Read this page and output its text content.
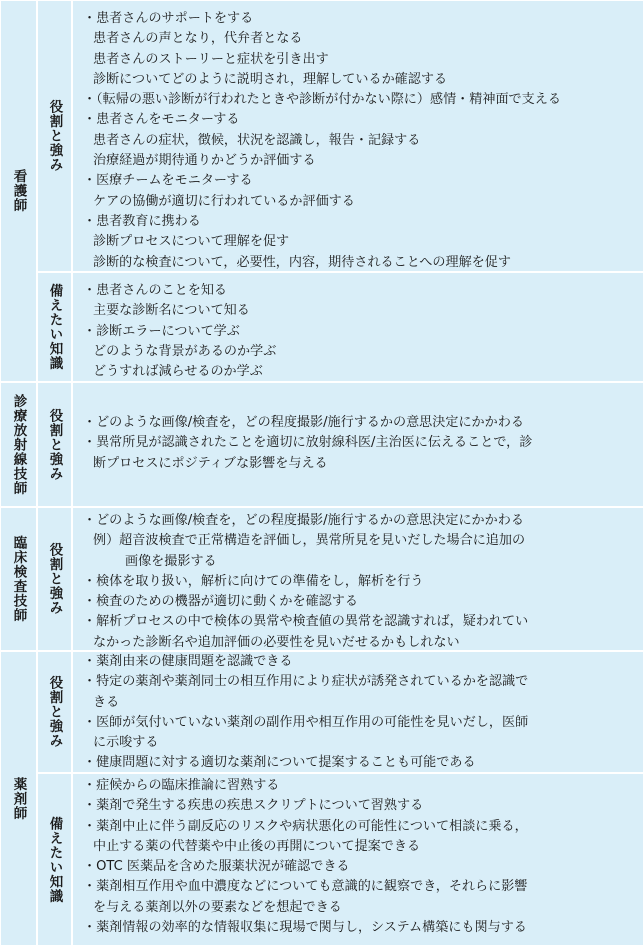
看護師
役割と強み
・患者さんのサポートをする
患者さんの声となり，代弁者となる
患者さんのストーリーと症状を引き出す
診断についてどのように説明され，理解しているか確認する
・（転帰の悪い診断が行われたときや診断が付かない際に）感情・精神面で支える
・患者さんをモニターする
患者さんの症状，徴候，状況を認識し，報告・記録する
治療経過が期待通りかどうか評価する
・医療チームをモニターする
ケアの協働が適切に行われているか評価する
・患者教育に携わる
診断プロセスについて理解を促す
診断的な検査について，必要性，内容，期待されることへの理解を促す
備えたい知識	・患者さんのことを知る
主要な診断名について知る
・診断エラーについて学ぶ
どのような背景があるのか学ぶ
どうすれば減らせるのか学ぶ
診療放射線技師 役割と強み	・どのような画像/検査を，どの程度撮影/施行するかの意思決定にかかわる
・異常所見が認識されたことを適切に放射線科医/主治医に伝えることで，診
断プロセスにポジティブな影響を与える
臨床検査技師 役割と強み
・どのような画像/検査を，どの程度撮影/施行するかの意思決定にかかわる
例）超音波検査で正常構造を評価し，異常所見を見いだした場合に追加の
画像を撮影する
・検体を取り扱い，解析に向けての準備をし，解析を行う
・検査のための機器が適切に動くかを確認する
・解析プロセスの中で検体の異常や検査値の異常を認識すれば，疑われてい
なかった診断名や追加評価の必要性を見いだせるかもしれない
薬剤師
役割と強み
・薬剤由来の健康問題を認識できる
・特定の薬剤や薬剤同士の相互作用により症状が誘発されているかを認識で
きる
・医師が気付いていない薬剤の副作用や相互作用の可能性を見いだし，医師
に示唆する
・健康問題に対する適切な薬剤について提案することも可能である
備えたい知識
・症候からの臨床推論に習熟する
・薬剤で発生する疾患の疾患スクリプトについて習熟する
・薬剤中止に伴う副反応のリスクや病状悪化の可能性について相談に乗る，
中止する薬の代替薬や中止後の再開について提案できる
・OTC 医薬品を含めた服薬状況が確認できる
・薬剤相互作用や血中濃度などについても意識的に観察でき，それらに影響
を与える薬剤以外の要素などを想起できる
・薬剤情報の効率的な情報収集に現場で関与し，システム構築にも関与する
